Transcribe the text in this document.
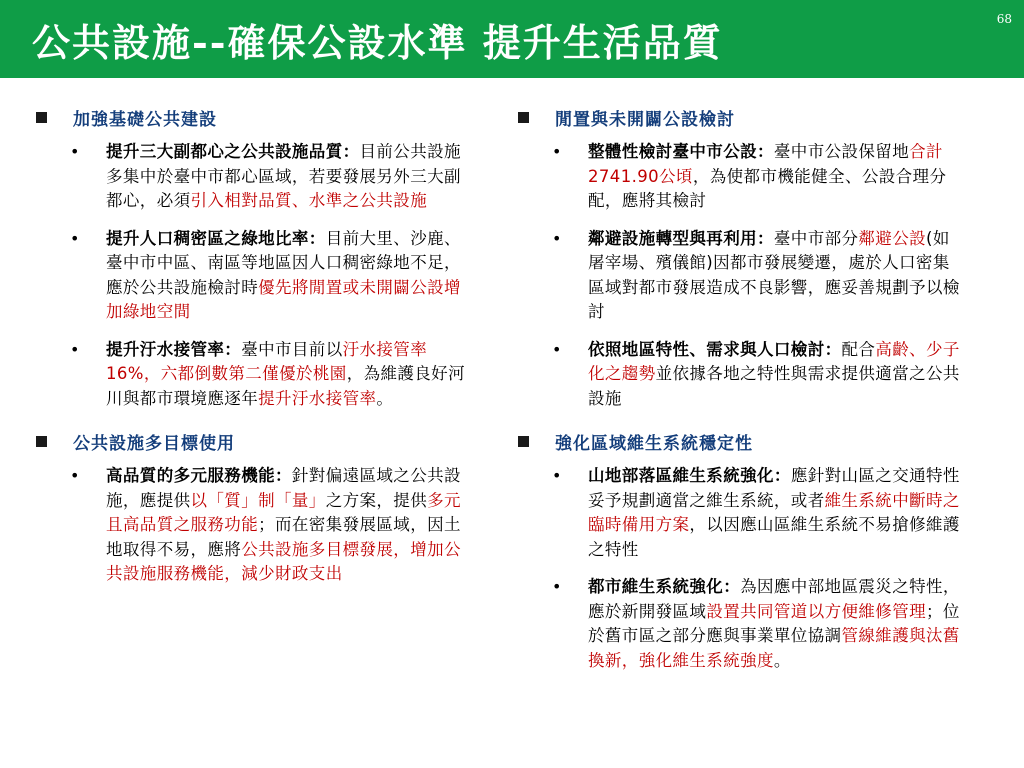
公共設施--確保公設水準 提升生活品質
68
加強基礎公共建設
•
提升三大副都心之公共設施品質：目前公共設施多集中於臺中市都心區域，若要發展另外三大副都心，必須引入相對品質、水準之公共設施
•
提升人口稠密區之綠地比率：目前大里、沙鹿、臺中市中區、南區等地區因人口稠密綠地不足，應於公共設施檢討時優先將閒置或未開闢公設增加綠地空間
•
提升汙水接管率：臺中市目前以汙水接管率16%，六都倒數第二僅優於桃園，為維護良好河川與都市環境應逐年提升汙水接管率。
公共設施多目標使用
•
高品質的多元服務機能：針對偏遠區域之公共設施，應提供以「質」制「量」之方案，提供多元且高品質之服務功能；而在密集發展區域，因土地取得不易，應將公共設施多目標發展，增加公共設施服務機能，減少財政支出
閒置與未開闢公設檢討
•
整體性檢討臺中市公設：臺中市公設保留地合計2741.90公頃，為使都市機能健全、公設合理分配，應將其檢討
•
鄰避設施轉型與再利用：臺中市部分鄰避公設(如屠宰場、殯儀館)因都市發展變遷，處於人口密集區域對都市發展造成不良影響，應妥善規劃予以檢討
•
依照地區特性、需求與人口檢討：配合高齡、少子化之趨勢並依據各地之特性與需求提供適當之公共設施
強化區域維生系統穩定性
•
山地部落區維生系統強化：應針對山區之交通特性妥予規劃適當之維生系統，或者維生系統中斷時之臨時備用方案，以因應山區維生系統不易搶修維護之特性
•
都市維生系統強化：為因應中部地區震災之特性，應於新開發區域設置共同管道以方便維修管理；位於舊市區之部分應與事業單位協調管線維護與汰舊換新，強化維生系統強度。
